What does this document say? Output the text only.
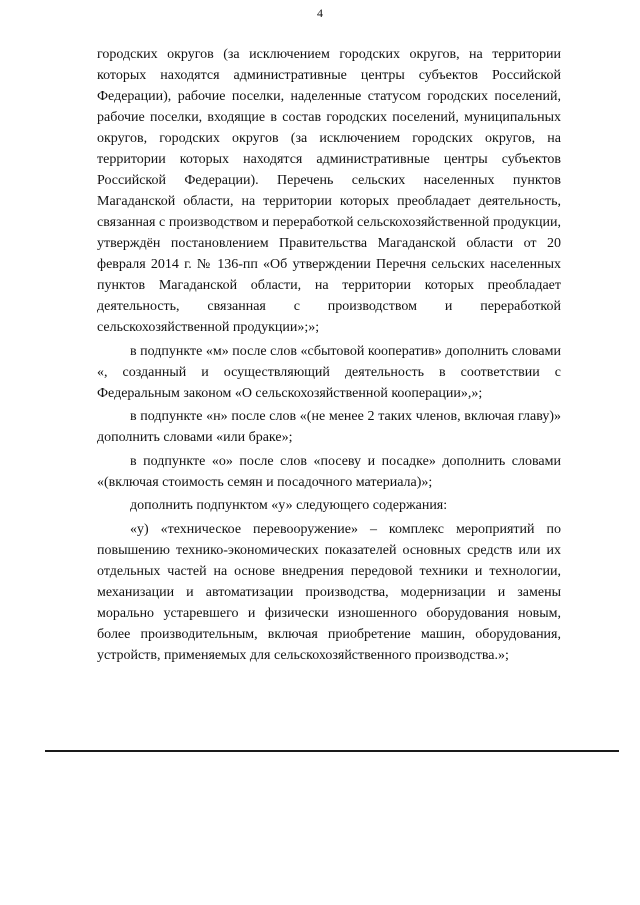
4

городских округов (за исключением городских округов, на территории которых находятся административные центры субъектов Российской Федерации), рабочие поселки, наделенные статусом городских поселений, рабочие поселки, входящие в состав городских поселений, муниципальных округов, городских округов (за исключением городских округов, на территории которых находятся административные центры субъектов Российской Федерации). Перечень сельских населенных пунктов Магаданской области, на территории которых преобладает деятельность, связанная с производством и переработкой сельскохозяйственной продукции, утверждён постановлением Правительства Магаданской области от 20 февраля 2014 г. № 136-пп «Об утверждении Перечня сельских населенных пунктов Магаданской области, на территории которых преобладает деятельность, связанная с производством и переработкой сельскохозяйственной продукции»;»;

в подпункте «м» после слов «сбытовой кооператив» дополнить словами «, созданный и осуществляющий деятельность в соответствии с Федеральным законом «О сельскохозяйственной кооперации»,»;

в подпункте «н» после слов «(не менее 2 таких членов, включая главу)» дополнить словами «или браке»;

в подпункте «о» после слов «посеву и посадке» дополнить словами «(включая стоимость семян и посадочного материала)»;

дополнить подпунктом «у» следующего содержания:

«у) «техническое перевооружение» – комплекс мероприятий по повышению технико-экономических показателей основных средств или их отдельных частей на основе внедрения передовой техники и технологии, механизации и автоматизации производства, модернизации и замены морально устаревшего и физически изношенного оборудования новым, более производительным, включая приобретение машин, оборудования, устройств, применяемых для сельскохозяйственного производства.»;
